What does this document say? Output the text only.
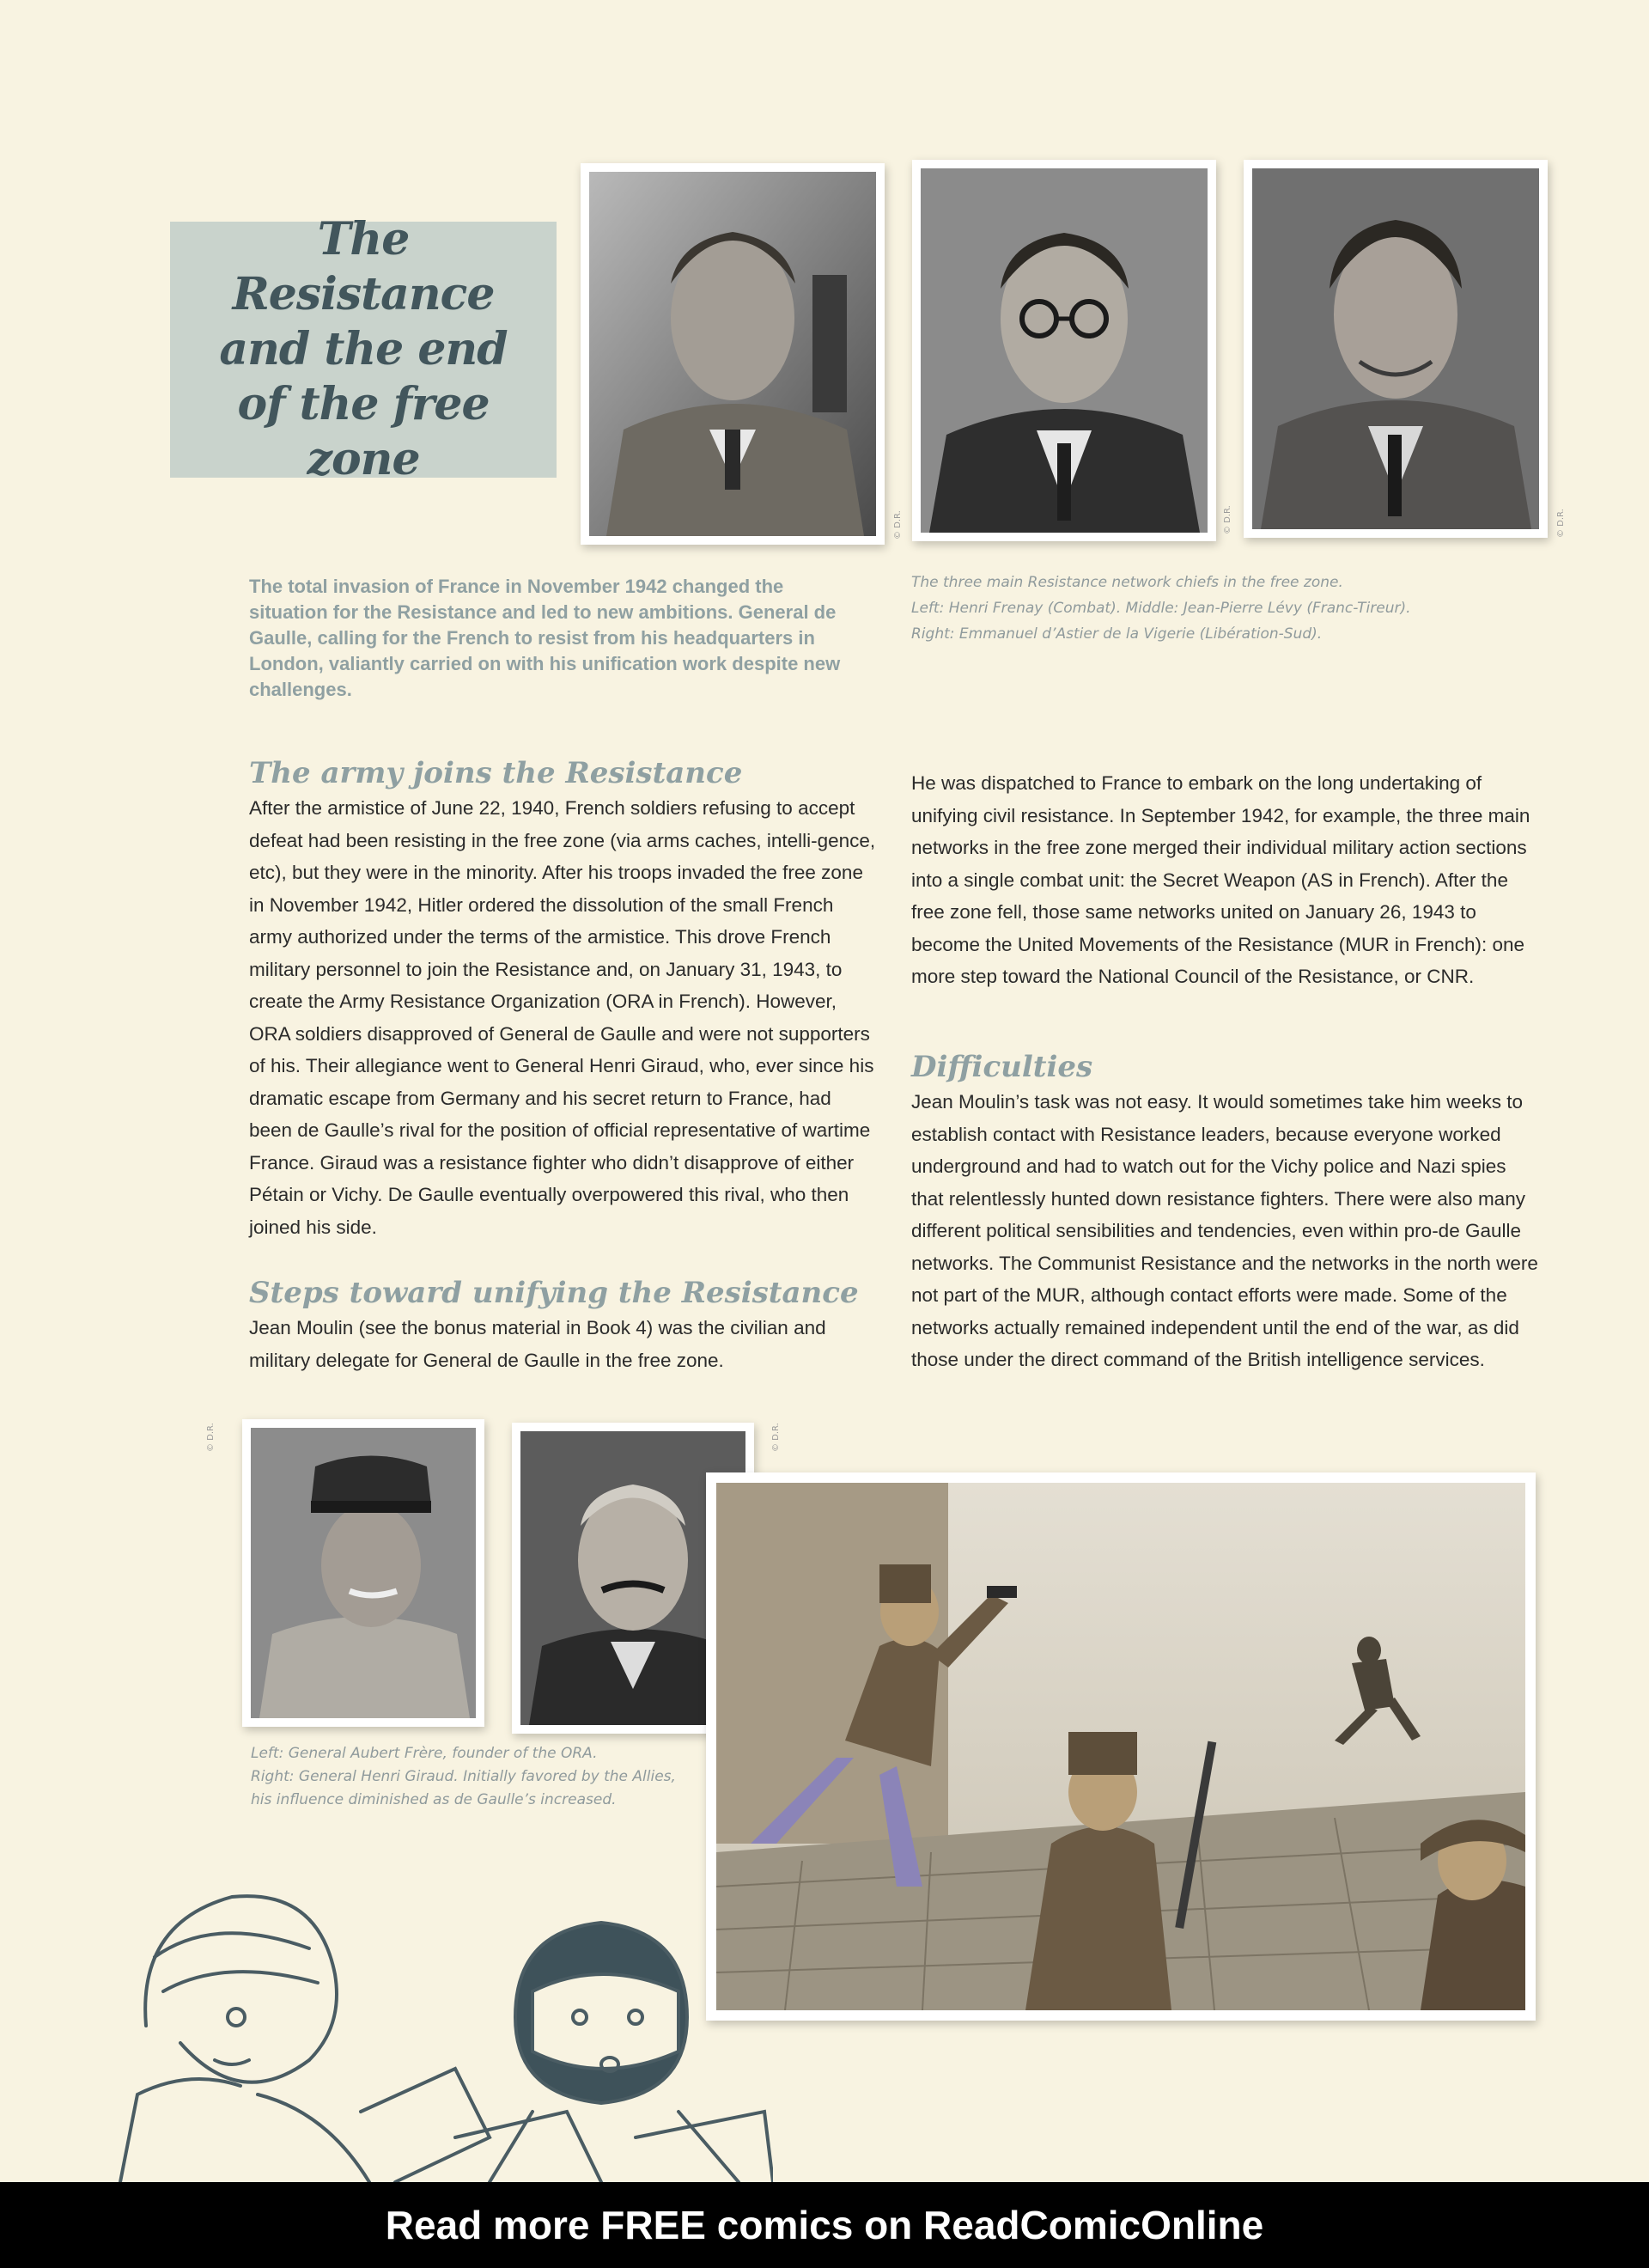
The Resistance and the end of the free zone
© D.R.	© D.R.	© D.R.

The three main Resistance network chiefs in the free zone.

Left: Henri Frenay (Combat). Middle: Jean-Pierre Lévy (Franc-Tireur).

Right: Emmanuel d’Astier de la Vigerie (Libération-Sud).

The total invasion of France in November 1942 changed the situation for the Resistance and led to new ambitions. General de Gaulle, calling for the French to resist from his headquarters in London, valiantly carried on with his unification work despite new challenges.
The army joins the Resistance

After the armistice of June 22, 1940, French soldiers refusing to accept defeat had been resisting in the free zone (via arms caches, intelli-gence, etc), but they were in the minority. After his troops invaded the free zone in November 1942, Hitler ordered the dissolution of the small French army authorized under the terms of the armistice. This drove French military personnel to join the Resistance and, on January 31, 1943, to create the Army Resistance Organization (ORA in French). However, ORA soldiers disapproved of General de Gaulle and were not supporters of his. Their allegiance went to General Henri Giraud, who, ever since his dramatic escape from Germany and his secret return to France, had been de Gaulle’s rival for the position of official representative of wartime France. Giraud was a resistance fighter who didn’t disapprove of either Pétain or Vichy. De Gaulle eventually overpowered this rival, who then joined his side.

Steps toward unifying the Resistance

Jean Moulin (see the bonus material in Book 4) was the civilian and military delegate for General de Gaulle in the free zone.

He was dispatched to France to embark on the long undertaking of unifying civil resistance. In September 1942, for example, the three main networks in the free zone merged their individual military action sections into a single combat unit: the Secret Weapon (AS in French). After the free zone fell, those same networks united on January 26, 1943 to become the United Movements of the Resistance (MUR in French): one more step toward the National Council of the Resistance, or CNR.

Difficulties

Jean Moulin’s task was not easy. It would sometimes take him weeks to establish contact with Resistance leaders, because everyone worked underground and had to watch out for the Vichy police and Nazi spies that relentlessly hunted down resistance fighters. There were also many different political sensibilities and tendencies, even within pro-de Gaulle networks. The Communist Resistance and the networks in the north were not part of the MUR, although contact efforts were made. Some of the networks actually remained independent until the end of the war, as did those under the direct command of the British intelligence services.

© D.R.	© D.R.

Left: General Aubert Frère, founder of the ORA.

Right: General Henri Giraud. Initially favored by the Allies,

his influence diminished as de Gaulle’s increased.

Read more FREE comics on ReadComicOnline
